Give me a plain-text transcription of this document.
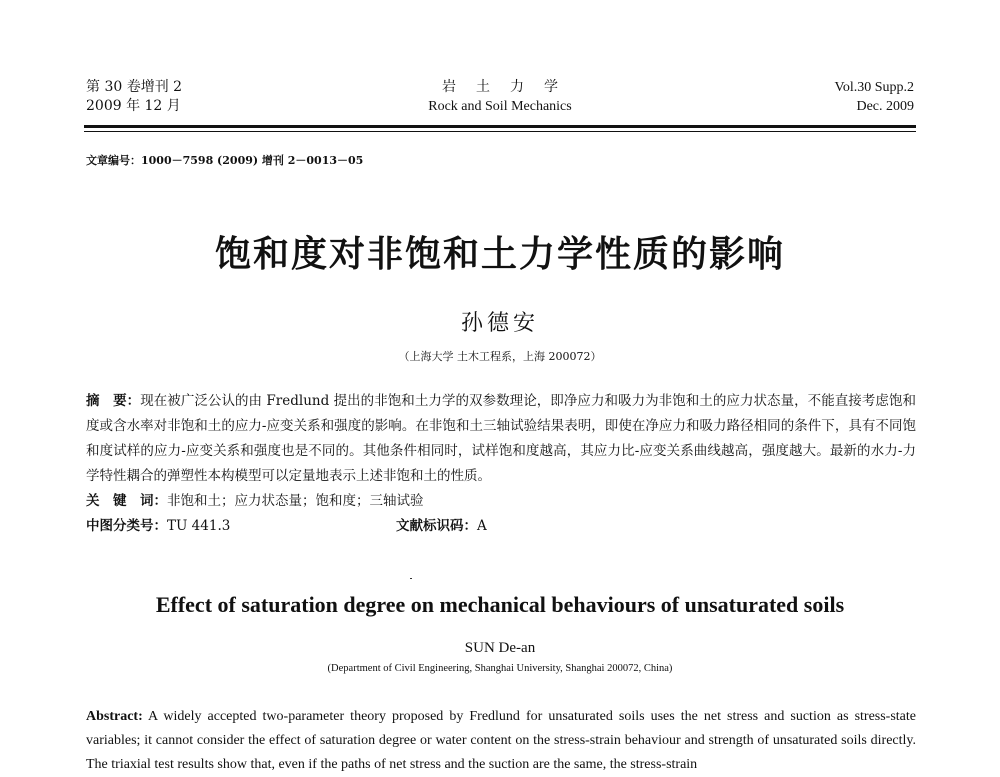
第 30 卷增刊 2
2009 年 12 月
岩土力学
Rock and Soil Mechanics
Vol.30 Supp.2
Dec. 2009
文章编号：1000－7598 (2009) 增刊 2－0013－05
饱和度对非饱和土力学性质的影响
孙德安
（上海大学 土木工程系，上海 200072）
摘　要：现在被广泛公认的由 Fredlund 提出的非饱和土力学的双参数理论，即净应力和吸力为非饱和土的应力状态量，不能直接考虑饱和度或含水率对非饱和土的应力-应变关系和强度的影响。在非饱和土三轴试验结果表明，即使在净应力和吸力路径相同的条件下，具有不同饱和度试样的应力-应变关系和强度也是不同的。其他条件相同时，试样饱和度越高，其应力比-应变关系曲线越高，强度越大。最新的水力-力学特性耦合的弹塑性本构模型可以定量地表示上述非饱和土的性质。
关　键　词：非饱和土；应力状态量；饱和度；三轴试验
中图分类号：TU 441.3	文献标识码：A
Effect of saturation degree on mechanical behaviours of unsaturated soils
SUN De-an
(Department of Civil Engineering, Shanghai University, Shanghai 200072, China)
Abstract: A widely accepted two-parameter theory proposed by Fredlund for unsaturated soils uses the net stress and suction as stress-state variables; it cannot consider the effect of saturation degree or water content on the stress-strain behaviour and strength of unsaturated soils directly. The triaxial test results show that, even if the paths of net stress and the suction are the same, the stress-strain
